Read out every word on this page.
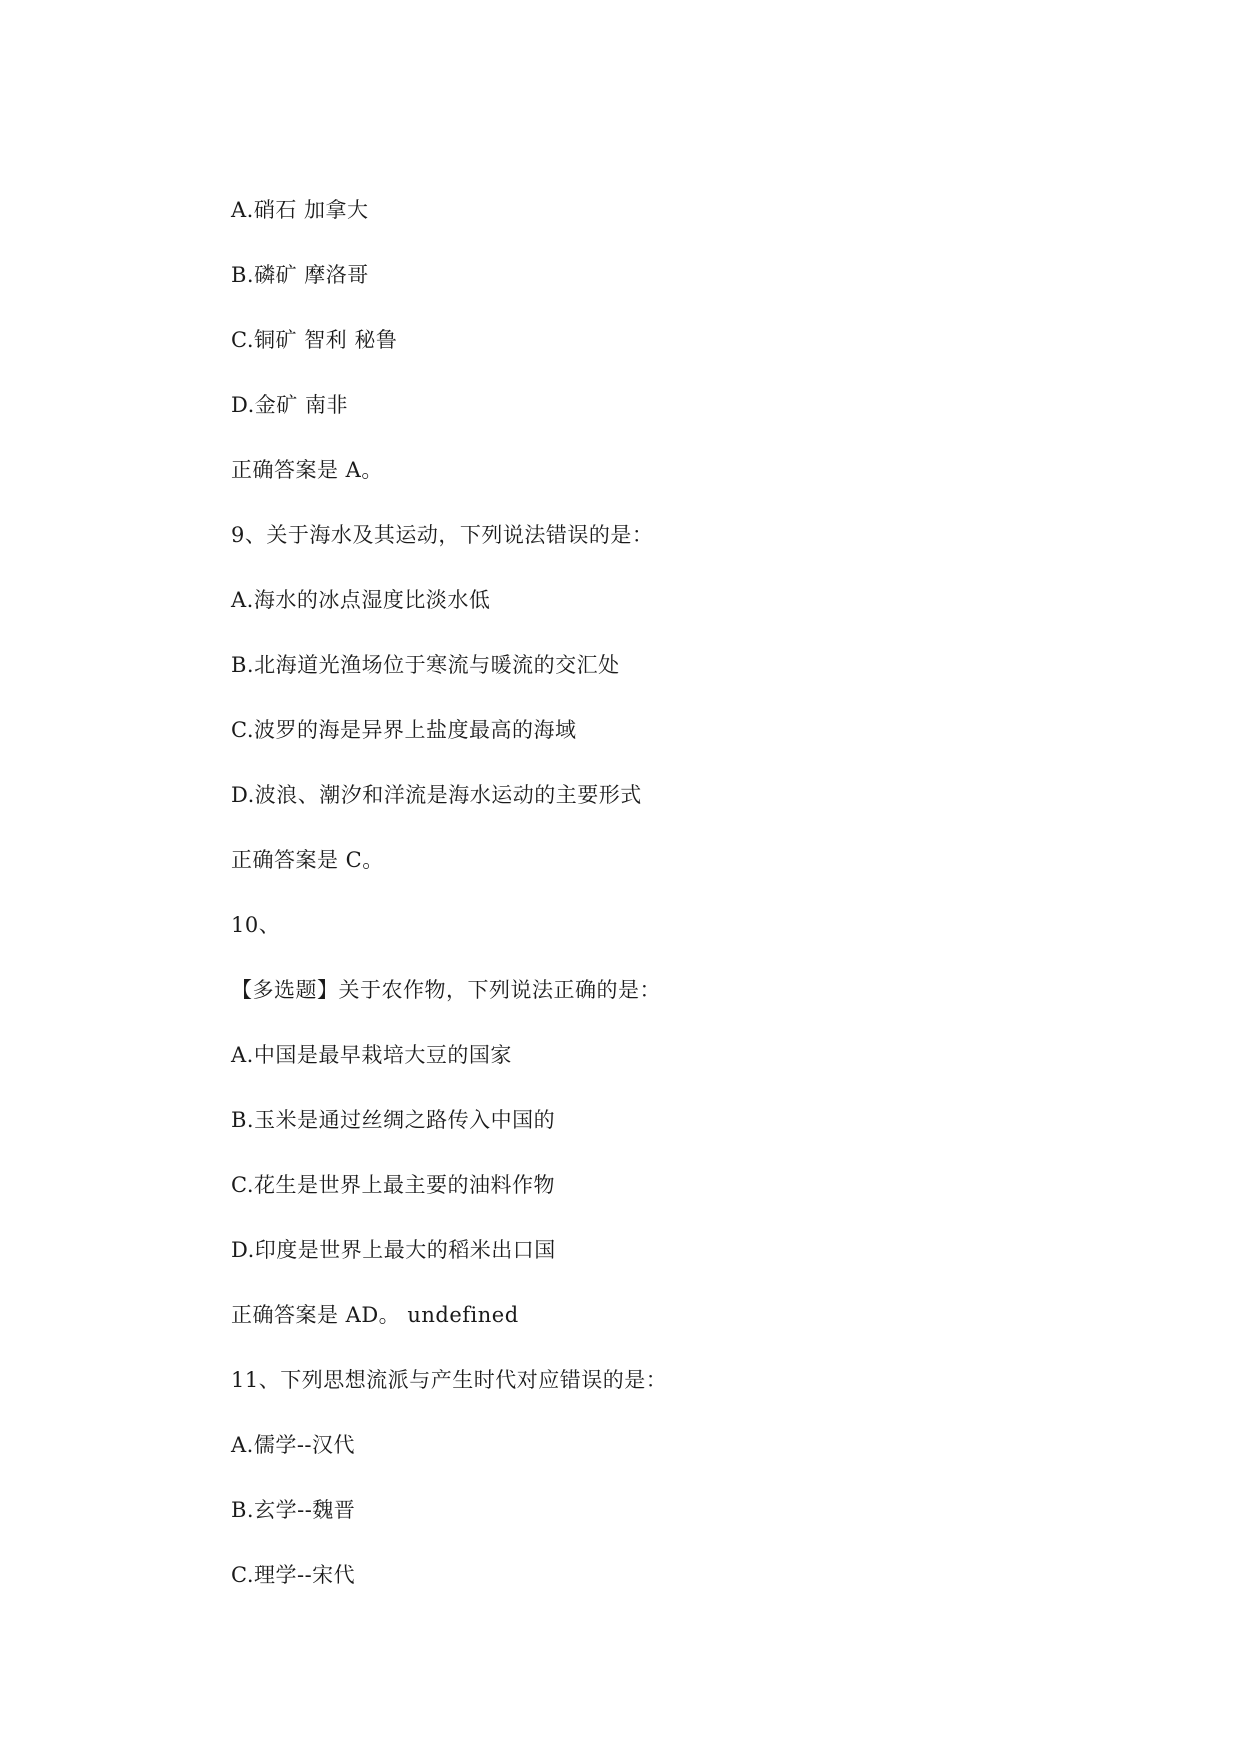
A.硝石 加拿大
B.磷矿 摩洛哥
C.铜矿 智利 秘鲁
D.金矿 南非
正确答案是 A。
9、关于海水及其运动，下列说法错误的是：
A.海水的冰点湿度比淡水低
B.北海道光渔场位于寒流与暖流的交汇处
C.波罗的海是异界上盐度最高的海域
D.波浪、潮汐和洋流是海水运动的主要形式
正确答案是 C。
10、
【多选题】关于农作物，下列说法正确的是：
A.中国是最早栽培大豆的国家
B.玉米是通过丝绸之路传入中国的
C.花生是世界上最主要的油料作物
D.印度是世界上最大的稻米出口国
正确答案是 AD。 undefined
11、下列思想流派与产生时代对应错误的是：
A.儒学--汉代
B.玄学--魏晋
C.理学--宋代
